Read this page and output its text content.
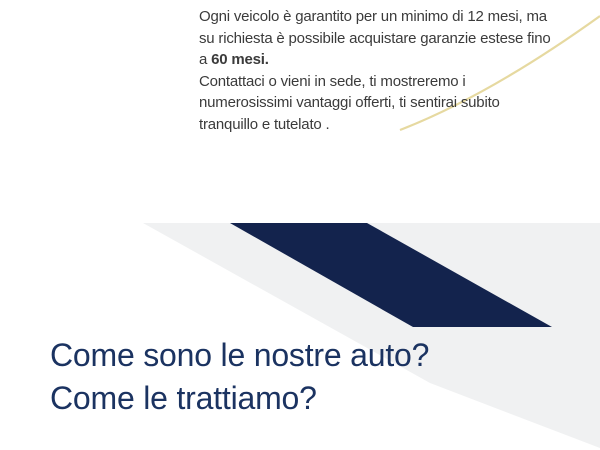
Ogni veicolo è garantito per un minimo di 12 mesi, ma
su richiesta è possibile acquistare garanzie estese fino
a 60 mesi.
Contattaci o vieni in sede, ti mostreremo i
numerosissimi vantaggi offerti, ti sentirai subito
tranquillo e tutelato .
Come sono le nostre auto?
Come le trattiamo?
